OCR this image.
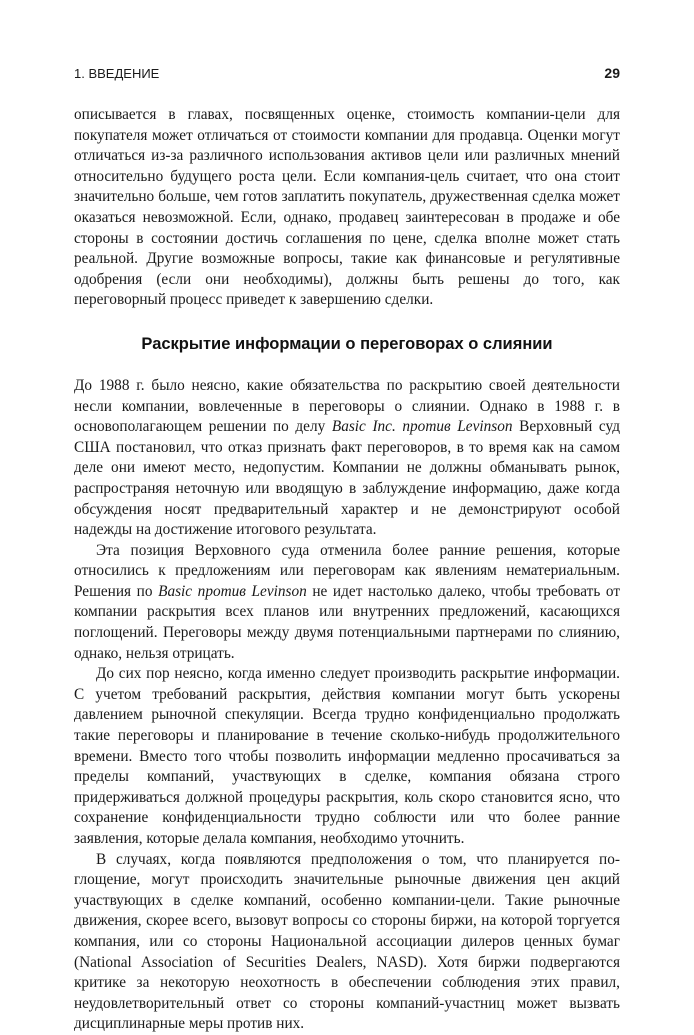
1. ВВЕДЕНИЕ	29

описывается в главах, посвященных оценке, стоимость компании-цели для покупателя может отличаться от стоимости компании для продавца. Оценки могут отличаться из-за различного использования активов цели или различных мнений относительно будущего роста цели. Если компания-цель считает, что она стоит значительно больше, чем готов заплатить покупатель, дружественная сделка может оказаться невозможной. Если, однако, продавец заинтересован в продаже и обе стороны в состоянии достичь соглашения по цене, сделка вполне может стать реальной. Другие возможные вопросы, такие как финансовые и регулятивные одобрения (если они необходимы), должны быть решены до того, как переговорный процесс приведет к завершению сделки.

Раскрытие информации о переговорах о слиянии

До 1988 г. было неясно, какие обязательства по раскрытию своей деятельности несли компании, вовлеченные в переговоры о слиянии. Однако в 1988 г. в основополагающем решении по делу Basic Inc. против Levinson Верховный суд США постановил, что отказ признать факт переговоров, в то время как на самом деле они имеют место, недопустим. Компании не должны обманывать рынок, распространяя неточную или вводящую в заблуждение информацию, даже когда обсуждения носят предварительный характер и не демонстрируют особой надежды на достижение итогового результата.

Эта позиция Верховного суда отменила более ранние решения, которые относились к предложениям или переговорам как явлениям нематериальным. Решения по Basic против Levinson не идет настолько далеко, чтобы требовать от компании раскрытия всех планов или внутренних предложений, касающихся поглощений. Переговоры между двумя потенциальными партнерами по слиянию, однако, нельзя отрицать.

До сих пор неясно, когда именно следует производить раскрытие информации. С учетом требований раскрытия, действия компании могут быть ускорены давлением рыночной спекуляции. Всегда трудно конфиденциально продолжать такие переговоры и планирование в течение сколько-нибудь продолжительного времени. Вместо того чтобы позволить информации медленно просачиваться за пределы компаний, участвующих в сделке, компания обязана строго придерживаться должной процедуры раскрытия, коль скоро становится ясно, что сохранение конфиденциальности трудно соблюсти или что более ранние заявления, которые делала компания, необходимо уточнить.

В случаях, когда появляются предположения о том, что планируется поглощение, могут происходить значительные рыночные движения цен акций участвующих в сделке компаний, особенно компании-цели. Такие рыночные движения, скорее всего, вызовут вопросы со стороны биржи, на которой торгуется компания, или со стороны Национальной ассоциации дилеров ценных бумаг (National Association of Securities Dealers, NASD). Хотя биржи подвергаются критике за некоторую неохотность в обеспечении соблюдения этих правил, неудовлетворительный ответ со стороны компаний-участниц может вызвать дисциплинарные меры против них.
